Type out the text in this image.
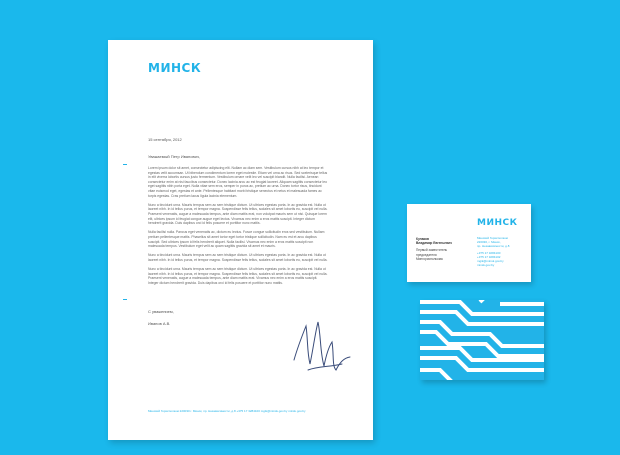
МИНСК
15 сентября, 2012
Уважаемый Петр Иванович,

Lorem ipsum dolor sit amet, consectetur adipiscing elit. Nullam ac diam sem. Vestibulum cursus nibh at leo tempor et egestas velit accumsan. Ut bibendum condimentum lorem eget molestie. Etiam vel urna ac risus. Sed scelerisque tellus in elit viverra lobortis cursus justo fermentum. Vestibulum ornare velit leo vel suscipit blandit. Nulla facilisi. Aenean consectetur enim at nisi faucibus consectetur. Donec lacinia arcu ac est feugiat laoreet. Aliquam sagittis consectetur leo eget sagittis nibh porta eget. Nulla vitae sem eros, semper in purus ac, pretium ac urna. Donec tortor risus, tincidunt vitae euismod eget, egestas et ante. Pellentesque habitant morbi tristique senectus et netus et malesuada fames ac turpis egestas. Cras pretium lacus ligula lacinia elementum.

Nunc a tincidunt urna. Mauris tempus sem ac sem tristique dictum. Ut ultrices egestas porta. In ac gravida est. Nulla ut laoreet nibh. In id tellus purus, et tempor magna. Suspendisse felis tellus, sodales sit amet lobortis eu, suscipit vel nulla. Praesent venenatis, augue a malesuada tempus, ante diam mattis erat, non volutpat mauris sem ut nisi. Quisque lorem elit, ultrices ipsum id feugiat congue augue eget lectus. Vivamus nec enim a eros mattis suscipit. Integer dictum hendrerit gravida. Duis dapibus orci id felis posuere et porttitor nunc mattis.

Nulla facilisi nulla. Pancus eget venenatis ac, dictum eu lectus. Fusce congue sollicitudin eros sed vestibulum. Nullam pretium pellentesque mattis. Phasellus sit amet tortor eget tortor tristique sollicitudin. Nam eu est et arcu dapibus suscipit. Sed ultrices ipsum id felis hendrerit aliquet. Nulla facilisi. Vivamus nec enim a eros mattis suscipit non malesuada tempus. Vestibulum eget velit ac quam sagittis gravida sit amet et mauris.

Nunc a tincidunt urna. Mauris tempus sem ac sem tristique dictum. Ut ultrices egestas porta. In ac gravida est. Nulla ut laoreet nibh. In id tellus purus, et tempor magna. Suspendisse felis tellus, sodales sit amet lobortis eu, suscipit vel nulla.

Nunc a tincidunt urna. Mauris tempus sem ac sem tristique dictum. Ut ultrices egestas porta. In ac gravida est. Nulla ut laoreet nibh. In id tellus purus, et tempor magna. Suspendisse felis tellus, sodales sit amet lobortis eu, suscipit vel nulla. Praesent venenatis, augue a malesuada tempus, ante diam mattis erat. Vivamus nec enim a eros mattis suscipit. Integer dictum hendrerit gravida. Duis dapibus orci id felis posuere et porttitor nunc mattis.

С уважением,
Иванов А.В.
Минский Горисполком 220030 г. Минск, пр. Независимости, д.8 +375 17 3284100 mgik@minsk.gov.by minsk.gov.by
МИНСК
Кулаков
Владимир Евгеньевич
Первый заместитель
председателя
Мингорисполкома
Минский Горисполком
220030, г. Минск,
пр. Независимости, д.8
+375 17 3284100
+375 17 3284102
mgik@minsk.gov.by
minsk.gov.by
